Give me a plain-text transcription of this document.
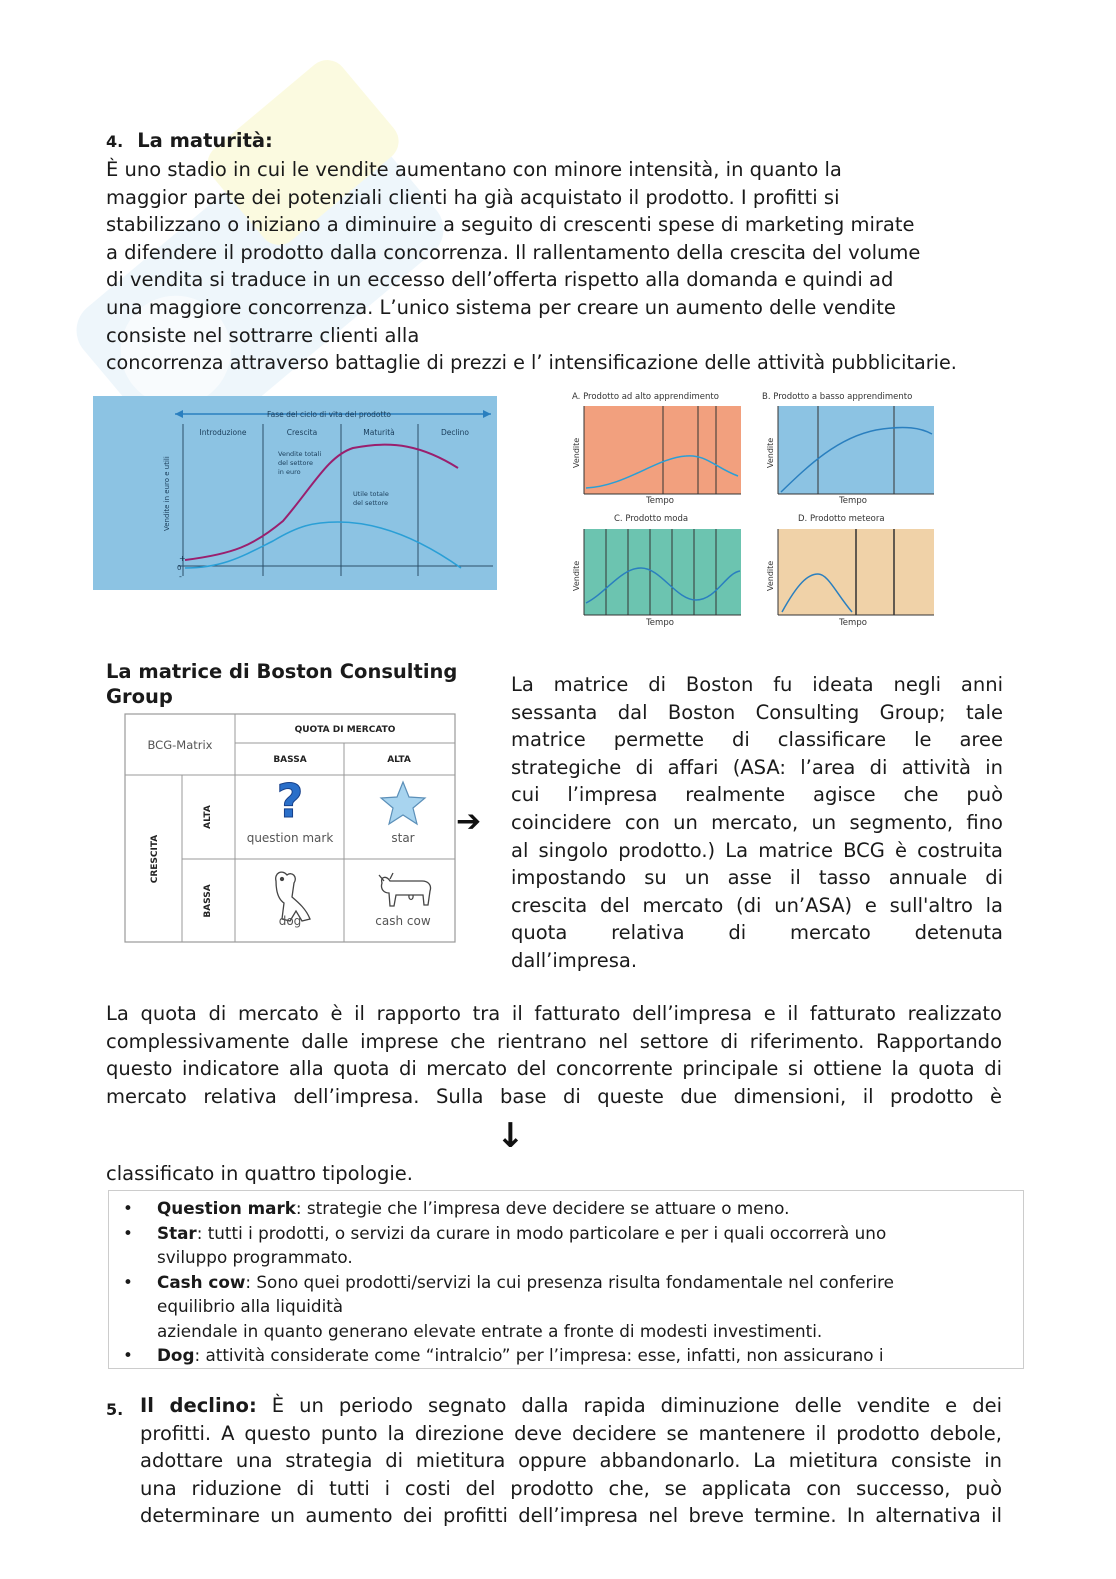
4. La maturità:
È uno stadio in cui le vendite aumentano con minore intensità, in quanto la
maggior parte dei potenziali clienti ha già acquistato il prodotto. I profitti si
stabilizzano o iniziano a diminuire a seguito di crescenti spese di marketing mirate
a difendere il prodotto dalla concorrenza. Il rallentamento della crescita del volume
di vendita si traduce in un eccesso dell’offerta rispetto alla domanda e quindi ad
una maggiore concorrenza. L’unico sistema per creare un aumento delle vendite
consiste nel sottrarre clienti alla
concorrenza attraverso battaglie di prezzi e l’ intensificazione delle attività pubblicitarie.
Fase del ciclo di vita del prodotto
Introduzione	Crescita	Maturità	Declino
Vendite in euro e utili
+
0
-
Vendite totali
del settore
in euro
Utile totale
del settore
A. Prodotto ad alto apprendimento
Tempo
Vendite
B. Prodotto a basso apprendimento
Tempo
Vendite
C. Prodotto moda
Tempo
Vendite
D. Prodotto meteora
Tempo
Vendite
La matrice di Boston Consulting
Group
BCG-Matrix
QUOTA DI MERCATO
BASSA	ALTA
CRESCITA
ALTA
BASSA
?
question mark	star
dog	cash cow
➔
La matrice di Boston fu ideata negli anni
sessanta dal Boston Consulting Group; tale
matrice permette di classificare le aree
strategiche di affari (ASA: l’area di attività in
cui l’impresa realmente agisce che può
coincidere con un mercato, un segmento, fino
al singolo prodotto.) La matrice BCG è costruita
impostando su un asse il tasso annuale di
crescita del mercato (di un’ASA) e sull'altro la
quota relativa di mercato detenuta
dall’impresa.
La quota di mercato è il rapporto tra il fatturato dell’impresa e il fatturato realizzato
complessivamente dalle imprese che rientrano nel settore di riferimento. Rapportando
questo indicatore alla quota di mercato del concorrente principale si ottiene la quota di
mercato relativa dell’impresa. Sulla base di queste due dimensioni, il prodotto è
↓
classificato in quattro tipologie.
• Question mark: strategie che l’impresa deve decidere se attuare o meno.
• Star: tutti i prodotti, o servizi da curare in modo particolare e per i quali occorrerà uno
sviluppo programmato.
• Cash cow: Sono quei prodotti/servizi la cui presenza risulta fondamentale nel conferire
equilibrio alla liquidità
aziendale in quanto generano elevate entrate a fronte di modesti investimenti.
• Dog: attività considerate come “intralcio” per l’impresa: esse, infatti, non assicurano i
5. Il declino: È un periodo segnato dalla rapida diminuzione delle vendite e dei
profitti. A questo punto la direzione deve decidere se mantenere il prodotto debole,
adottare una strategia di mietitura oppure abbandonarlo. La mietitura consiste in
una riduzione di tutti i costi del prodotto che, se applicata con successo, può
determinare un aumento dei profitti dell’impresa nel breve termine. In alternativa il
